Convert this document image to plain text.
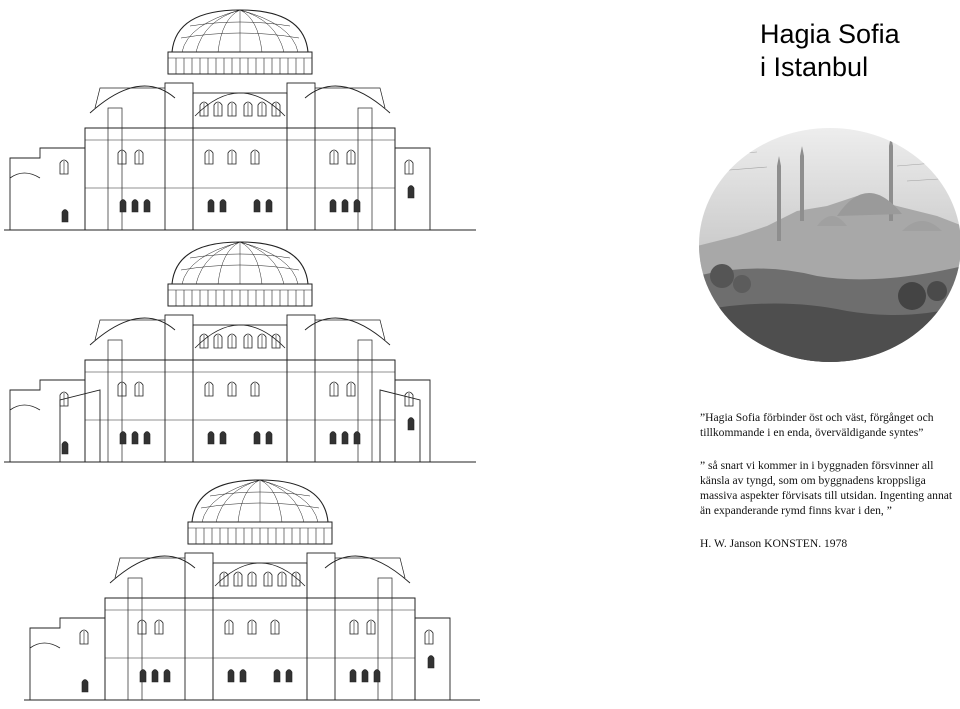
Hagia Sofia
i Istanbul
”Hagia Sofia förbinder öst och väst, förgånget och tillkommande i en enda, överväldigande syntes”
” så snart vi kommer in i byggnaden försvinner all känsla av tyngd, som om byggnadens kroppsliga massiva aspekter förvisats till utsidan. Ingenting annat än expanderande rymd finns kvar i den, ”
H. W. Janson KONSTEN. 1978
